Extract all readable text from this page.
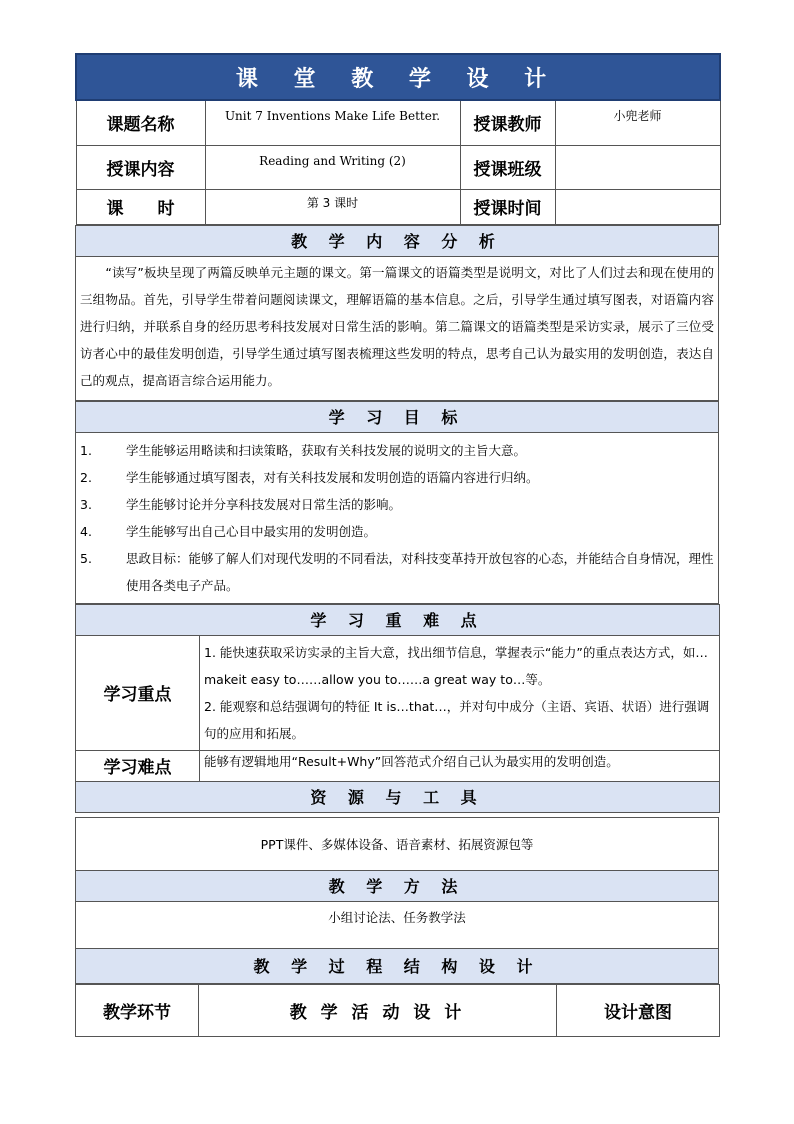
课 堂 教 学 设 计			
课题名称	Unit 7 Inventions Make Life Better.	授课教师	小兜老师
授课内容	Reading and Writing (2)	授课班级	
课　　时	第 3 课时	授课时间	
教 学 内 容 分 析
　　“读写”板块呈现了两篇反映单元主题的课文。第一篇课文的语篇类型是说明文，对比了人们过去和现在使用的三组物品。首先，引导学生带着问题阅读课文，理解语篇的基本信息。之后，引导学生通过填写图表，对语篇内容进行归纳，并联系自身的经历思考科技发展对日常生活的影响。第二篇课文的语篇类型是采访实录，展示了三位受访者心中的最佳发明创造，引导学生通过填写图表梳理这些发明的特点，思考自己认为最实用的发明创造，表达自己的观点，提高语言综合运用能力。
学 习 目 标

1.	学生能够运用略读和扫读策略，获取有关科技发展的说明文的主旨大意。
2.	学生能够通过填写图表，对有关科技发展和发明创造的语篇内容进行归纳。
3.	学生能够讨论并分享科技发展对日常生活的影响。
4.	学生能够写出自己心目中最实用的发明创造。
5.	思政目标：能够了解人们对现代发明的不同看法，对科技变革持开放包容的心态，并能结合自身情况，理性使用各类电子产品。
学 习 重 难 点	
学习重点	1. 能快速获取采访实录的主旨大意，找出细节信息，掌握表示“能力”的重点表达方式，如…makeit easy to……allow you to……a great way to…等。
2. 能观察和总结强调句的特征 It is…that…，并对句中成分（主语、宾语、状语）进行强调句的应用和拓展。

学习难点	能够有逻辑地用“Result+Why”回答范式介绍自己认为最实用的发明创造。
资 源 与 工 具	
PPT课件、多媒体设备、语音素材、拓展资源包等
教 学 方 法
小组讨论法、任务教学法
教 学 过 程 结 构 设 计
教学环节	教 学 活 动 设 计	设计意图
